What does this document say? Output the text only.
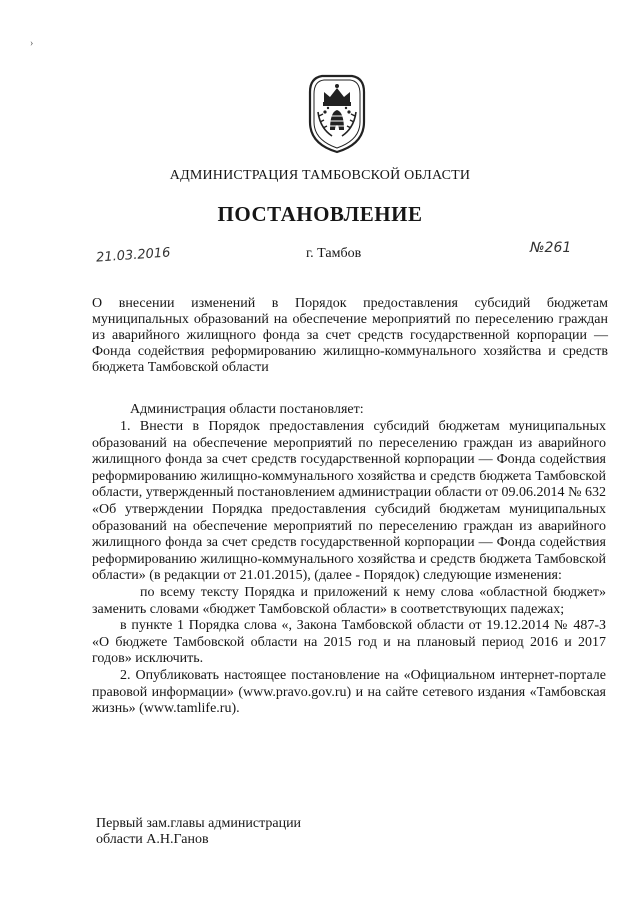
›
АДМИНИСТРАЦИЯ ТАМБОВСКОЙ ОБЛАСТИ
ПОСТАНОВЛЕНИЕ
21.03.2016	г. Тамбов	№261
О внесении изменений в Порядок предоставления субсидий бюджетам муниципальных образований на обеспечение мероприятий по переселению граждан из аварийного жилищного фонда за счет средств государственной корпорации — Фонда содействия реформированию жилищно-коммунального хозяйства и средств бюджета Тамбовской области
Администрация области постановляет:

1. Внести в Порядок предоставления субсидий бюджетам муниципальных образований на обеспечение мероприятий по переселению граждан из аварийного жилищного фонда за счет средств государственной корпорации — Фонда содействия реформированию жилищно-коммунального хозяйства и средств бюджета Тамбовской области, утвержденный постановлением администрации области от 09.06.2014 № 632 «Об утверждении Порядка предоставления субсидий бюджетам муниципальных образований на обеспечение мероприятий по переселению граждан из аварийного жилищного фонда за счет средств государственной корпорации — Фонда содействия реформированию жилищно-коммунального хозяйства и средств бюджета Тамбовской области» (в редакции от 21.01.2015), (далее - Порядок) следующие изменения:

по всему тексту Порядка и приложений к нему слова «областной бюджет» заменить словами «бюджет Тамбовской области» в соответствующих падежах;

в пункте 1 Порядка слова «, Закона Тамбовской области от 19.12.2014 № 487-З «О бюджете Тамбовской области на 2015 год и на плановый период 2016 и 2017 годов» исключить.

2. Опубликовать настоящее постановление на «Официальном интернет-портале правовой информации» (www.pravo.gov.ru) и на сайте сетевого издания «Тамбовская жизнь» (www.tamlife.ru).

Первый зам.главы администрации
области А.Н.Ганов
